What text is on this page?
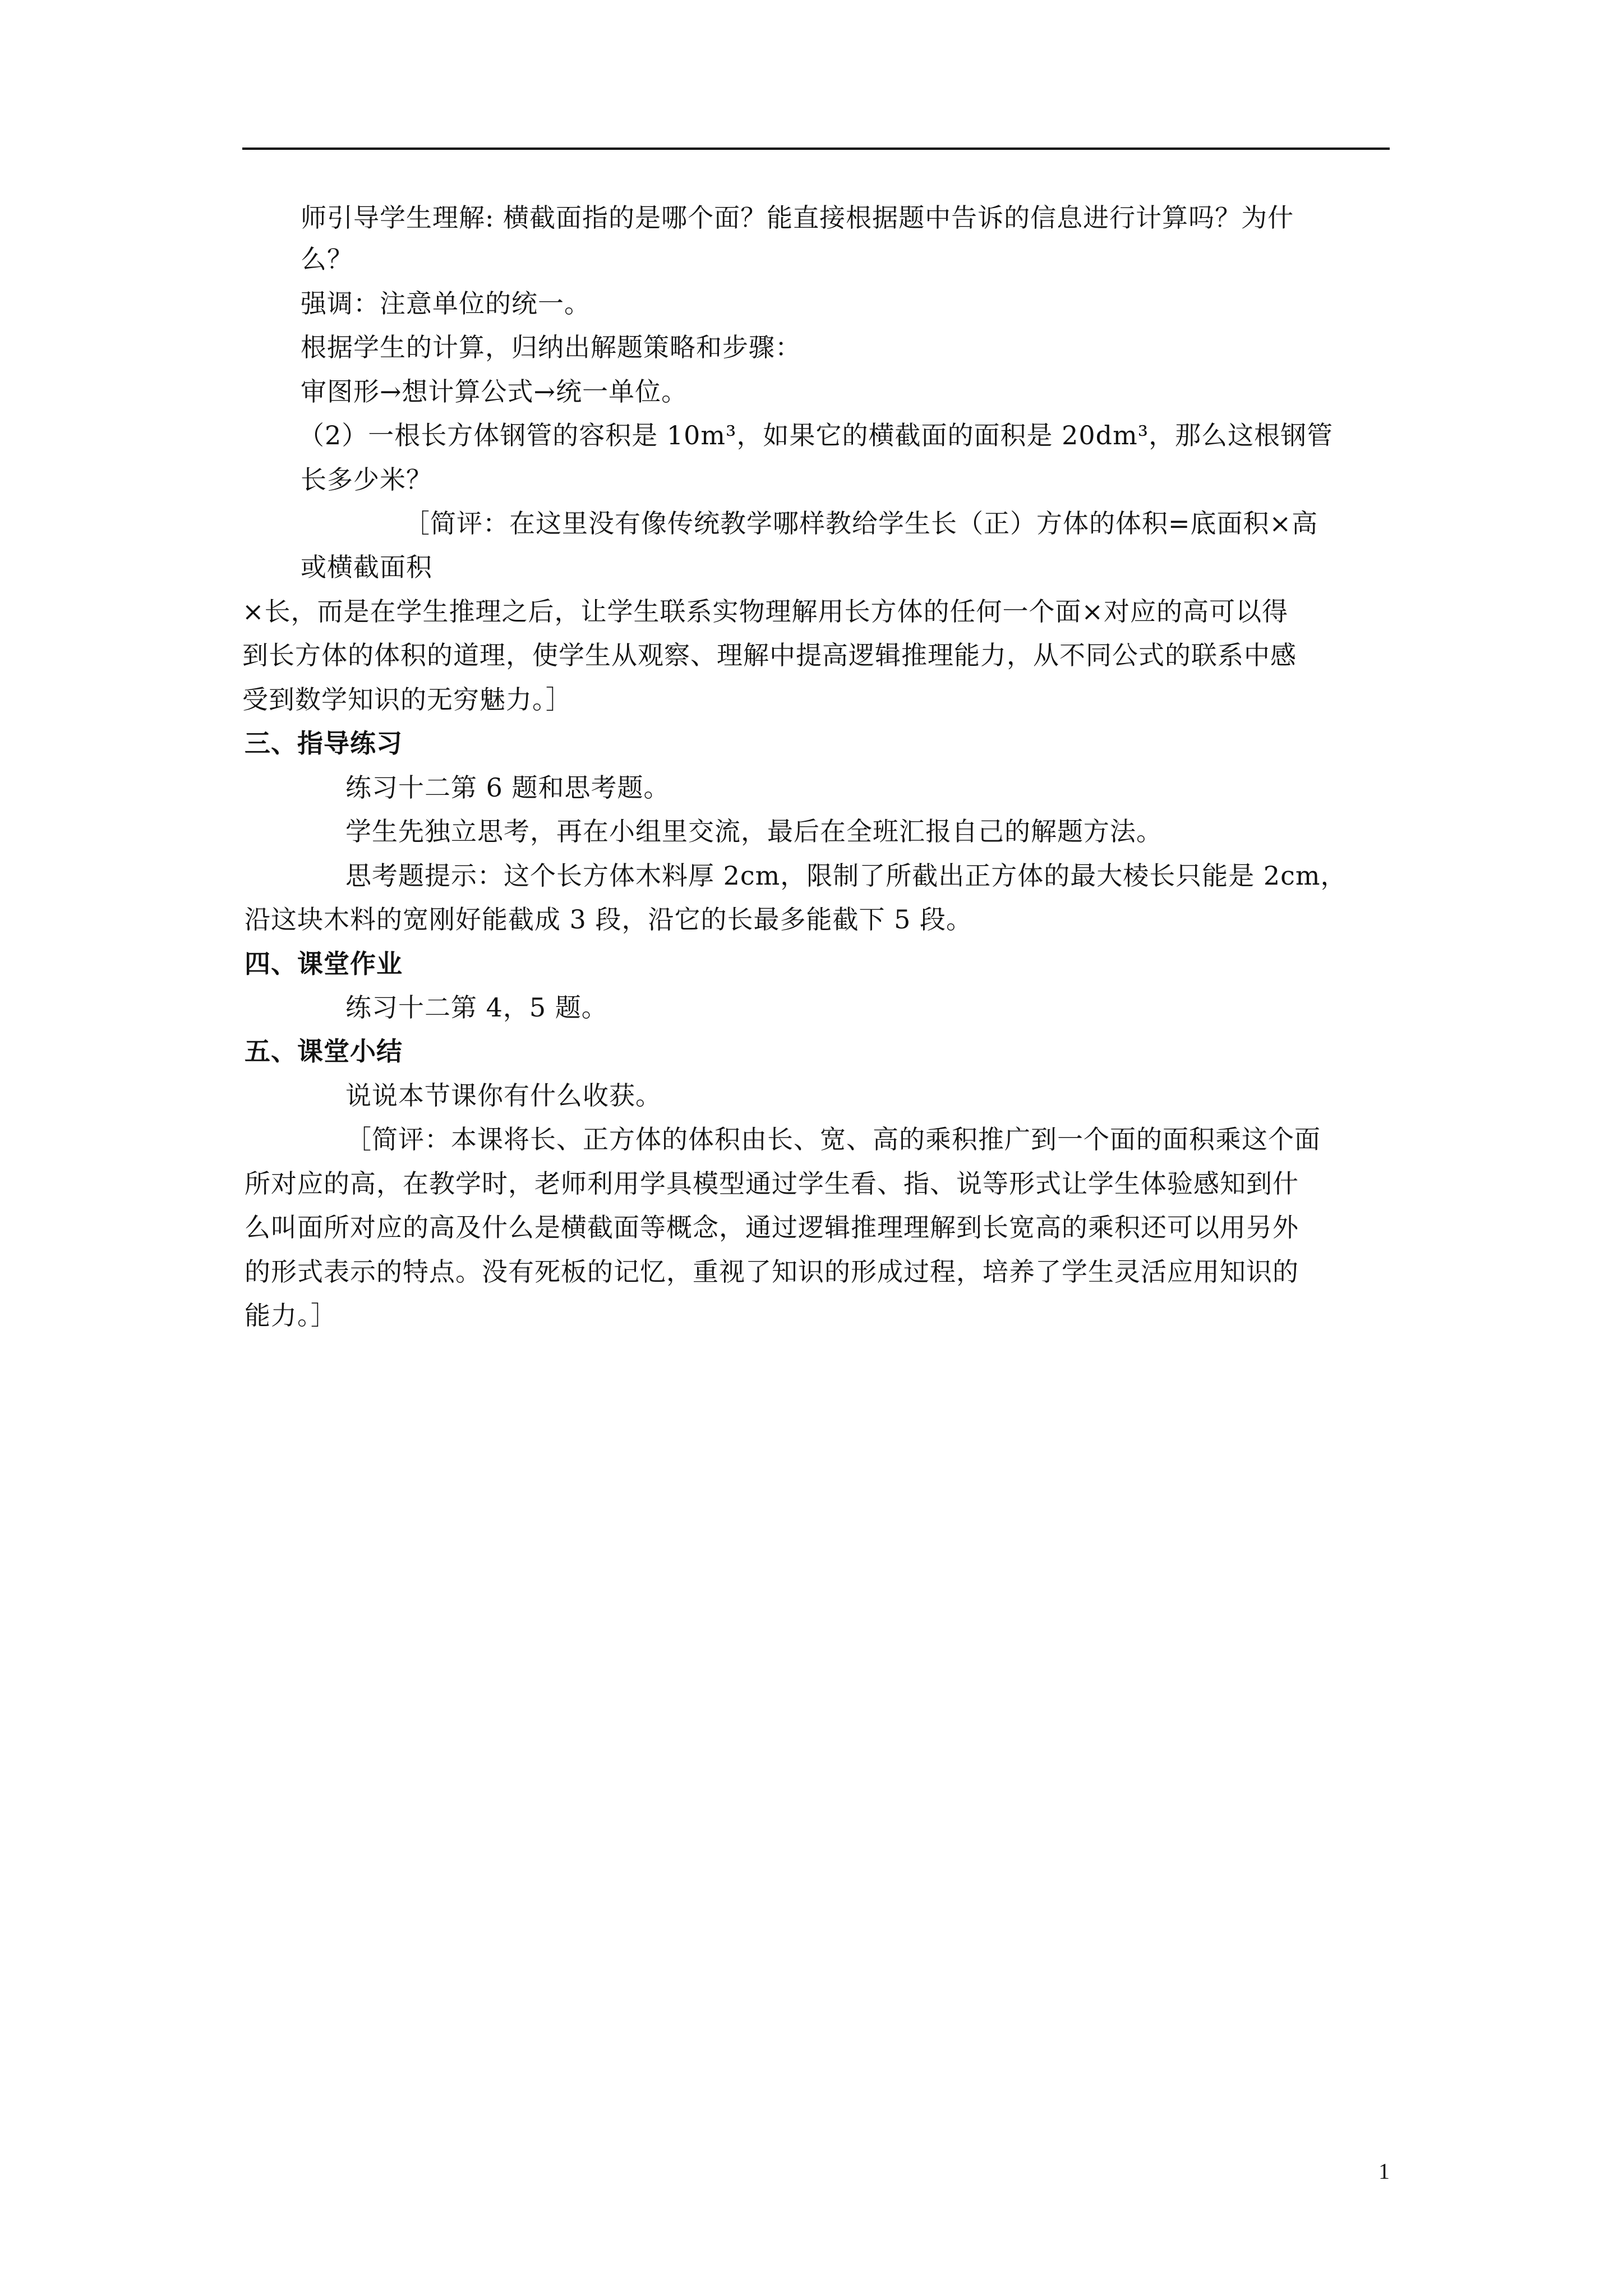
师引导学生理解: 横截面指的是哪个面？能直接根据题中告诉的信息进行计算吗？为什
么？
强调：注意单位的统一。
根据学生的计算，归纳出解题策略和步骤：
审图形→想计算公式→统一单位。
（2）一根长方体钢管的容积是 10m³，如果它的横截面的面积是 20dm³，那么这根钢管
长多少米？
［简评：在这里没有像传统教学哪样教给学生长（正）方体的体积=底面积×高
或横截面积
×长，而是在学生推理之后，让学生联系实物理解用长方体的任何一个面×对应的高可以得
到长方体的体积的道理，使学生从观察、理解中提高逻辑推理能力，从不同公式的联系中感
受到数学知识的无穷魅力。］
三、指导练习
练习十二第 6 题和思考题。
学生先独立思考，再在小组里交流，最后在全班汇报自己的解题方法。
思考题提示：这个长方体木料厚 2cm，限制了所截出正方体的最大棱长只能是 2cm，
沿这块木料的宽刚好能截成 3 段，沿它的长最多能截下 5 段。
四、课堂作业
练习十二第 4，5 题。
五、课堂小结
说说本节课你有什么收获。
［简评：本课将长、正方体的体积由长、宽、高的乘积推广到一个面的面积乘这个面
所对应的高，在教学时，老师利用学具模型通过学生看、指、说等形式让学生体验感知到什
么叫面所对应的高及什么是横截面等概念，通过逻辑推理理解到长宽高的乘积还可以用另外
的形式表示的特点。没有死板的记忆，重视了知识的形成过程，培养了学生灵活应用知识的
能力。］
1
